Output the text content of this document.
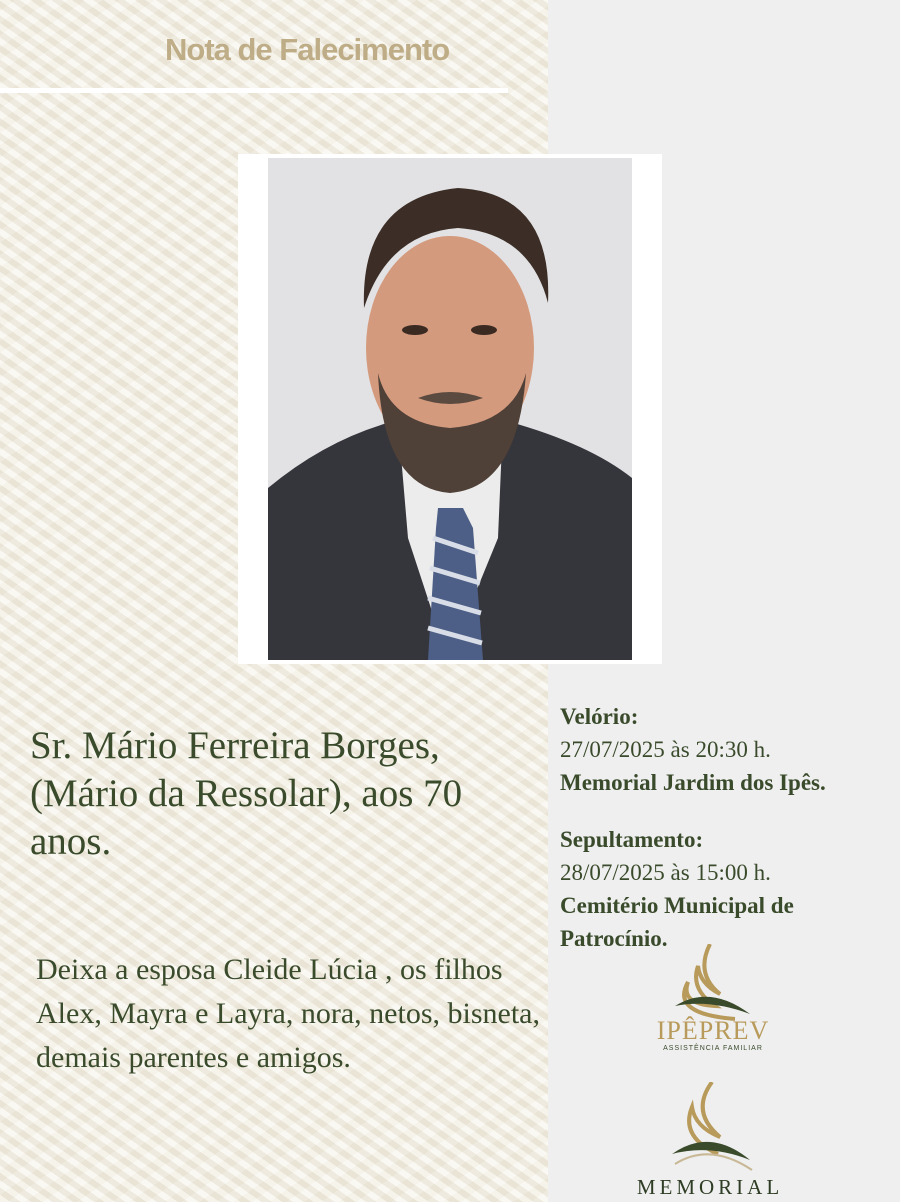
Nota de Falecimento
Sr. Mário Ferreira Borges, (Mário da Ressolar), aos 70 anos.
Deixa a esposa Cleide Lúcia , os filhos Alex, Mayra e Layra, nora, netos, bisneta, demais parentes e amigos.
Velório:
27/07/2025 às 20:30 h.
Memorial Jardim dos Ipês.
Sepultamento:
28/07/2025 às 15:00 h.
Cemitério Municipal de Patrocínio.
IPÊPREV
ASSISTÊNCIA FAMILIAR
MEMORIAL
